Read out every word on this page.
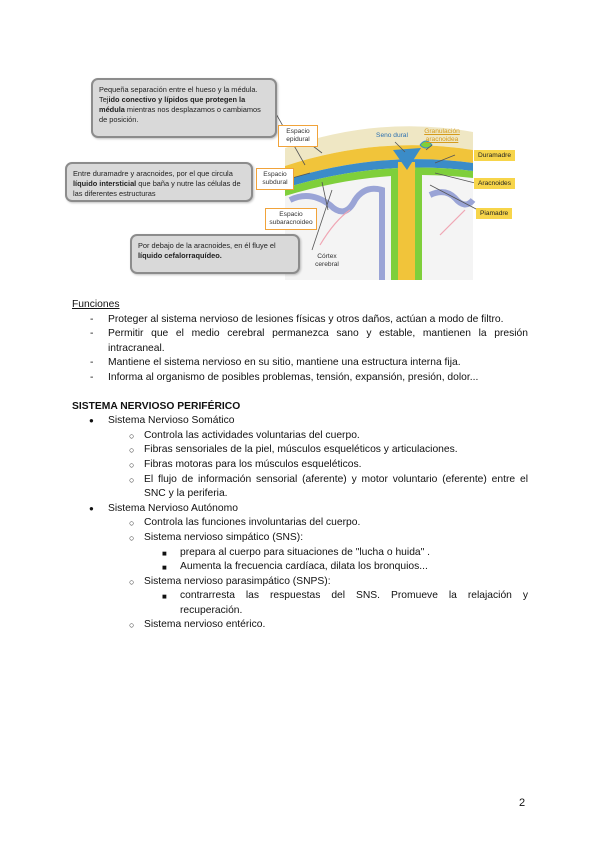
Pequeña separación entre el hueso y la médula. Tejido conectivo y lípidos que protegen la médula mientras nos desplazamos o cambiamos de posición.
Entre duramadre y aracnoides, por el que circula líquido intersticial que baña y nutre las células de las diferentes estructuras
Por debajo de la aracnoides, en él fluye el líquido cefalorraquídeo.
Espacio epidural
Espacio subdural
Espacio subaracnoideo
Seno dural
Granulación aracnoidea
Duramadre
Aracnoides
Piamadre
Córtex cerebral
Funciones
- Proteger al sistema nervioso de lesiones físicas y otros daños, actúan a modo de filtro.
- Permitir que el medio cerebral permanezca sano y estable, mantienen la presión intracraneal.
- Mantiene el sistema nervioso en su sitio, mantiene una estructura interna fija.
- Informa al organismo de posibles problemas, tensión, expansión, presión, dolor...
SISTEMA NERVIOSO PERIFÉRICO
● Sistema Nervioso Somático
○ Controla las actividades voluntarias del cuerpo.
○ Fibras sensoriales de la piel, músculos esqueléticos y articulaciones.
○ Fibras motoras para los músculos esqueléticos.
○ El flujo de información sensorial (aferente) y motor voluntario (eferente) entre el SNC y la periferia.
● Sistema Nervioso Autónomo
○ Controla las funciones involuntarias del cuerpo.
○ Sistema nervioso simpático (SNS):
■ prepara al cuerpo para situaciones de "lucha o huida" .
■ Aumenta la frecuencia cardíaca, dilata los bronquios...
○ Sistema nervioso parasimpático (SNPS):
■ contrarresta las respuestas del SNS. Promueve la relajación y recuperación.
○ Sistema nervioso entérico.
2
